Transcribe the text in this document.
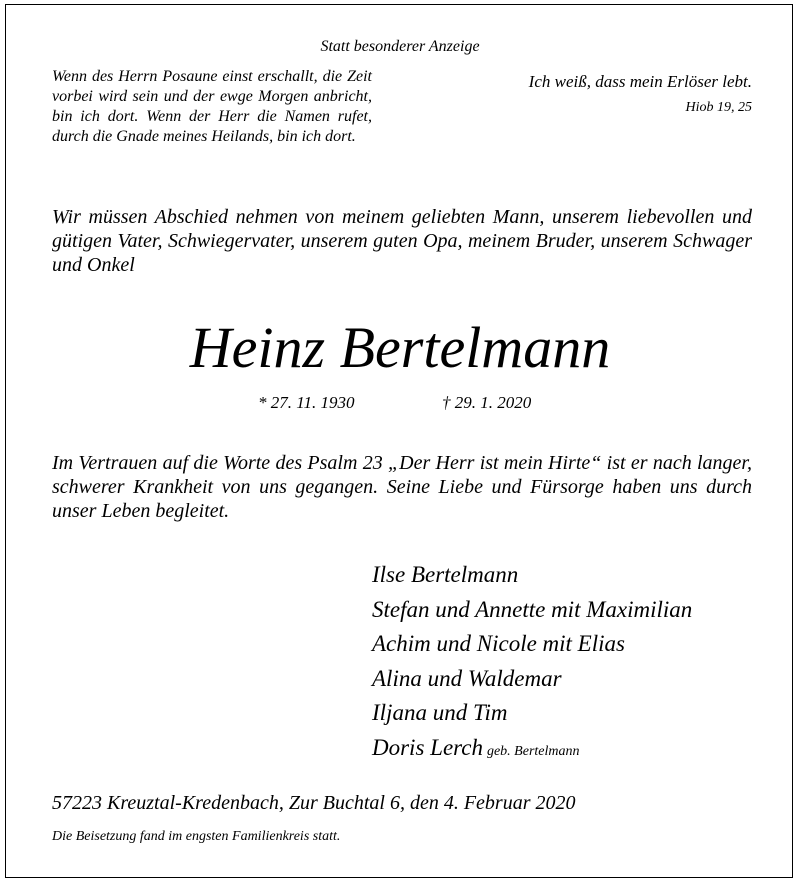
Statt besonderer Anzeige
Wenn des Herrn Posaune einst erschallt, die Zeit vorbei wird sein und der ewge Morgen anbricht, bin ich dort. Wenn der Herr die Namen rufet, durch die Gnade meines Heilands, bin ich dort.
Ich weiß, dass mein Erlöser lebt.
Hiob 19, 25
Wir müssen Abschied nehmen von meinem geliebten Mann, unserem liebevollen und gütigen Vater, Schwiegervater, unserem guten Opa, meinem Bruder, unserem Schwager und Onkel
Heinz Bertelmann
* 27. 11. 1930	† 29. 1. 2020
Im Vertrauen auf die Worte des Psalm 23 „Der Herr ist mein Hirte“ ist er nach langer, schwerer Krankheit von uns gegangen. Seine Liebe und Fürsorge haben uns durch unser Leben begleitet.
Ilse Bertelmann
Stefan und Annette mit Maximilian
Achim und Nicole mit Elias
Alina und Waldemar
Iljana und Tim
Doris Lerch geb. Bertelmann
57223 Kreuztal-Kredenbach, Zur Buchtal 6, den 4. Februar 2020
Die Beisetzung fand im engsten Familienkreis statt.
